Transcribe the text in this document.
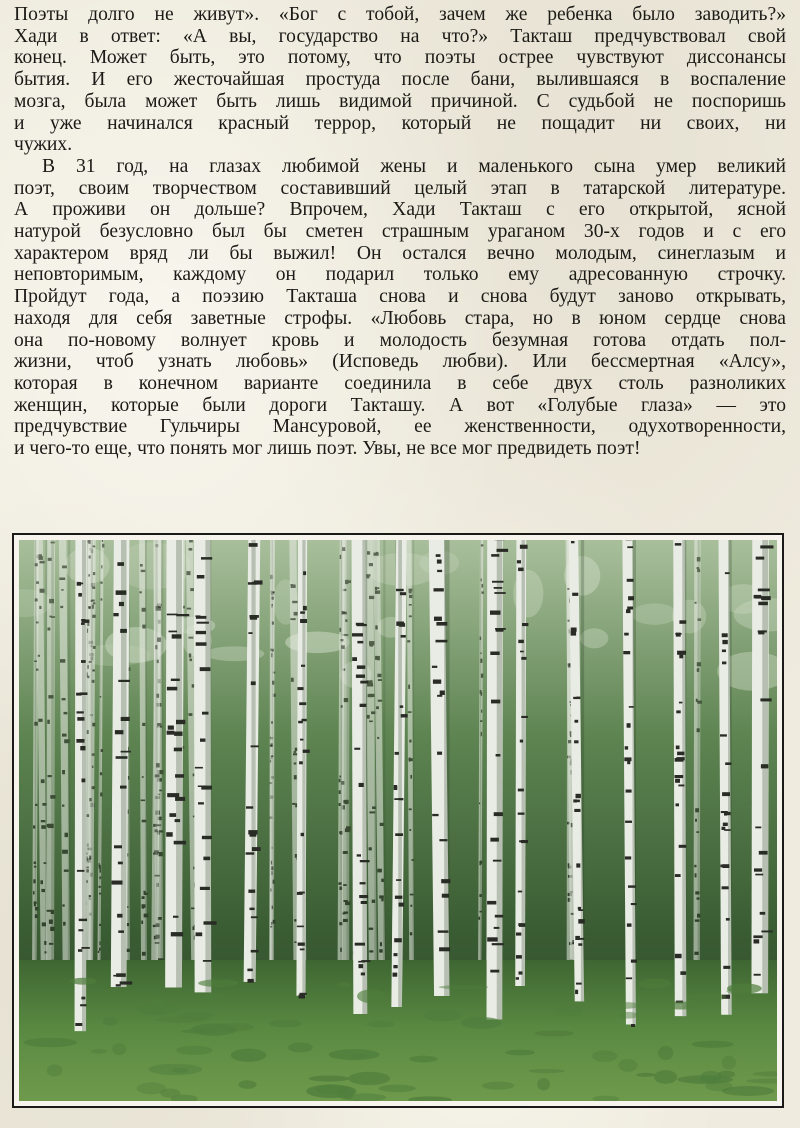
Поэты долго не живут». «Бог с тобой, зачем же ребенка было заводить?»
Хади в ответ: «А вы, государство на что?» Такташ предчувствовал свой
конец. Может быть, это потому, что поэты острее чувствуют диссонансы
бытия. И его жесточайшая простуда после бани, вылившаяся в воспаление
мозга, была может быть лишь видимой причиной. С судьбой не поспоришь
и уже начинался красный террор, который не пощадит ни своих, ни
чужих.
В 31 год, на глазах любимой жены и маленького сына умер великий
поэт, своим творчеством составивший целый этап в татарской литературе.
А проживи он дольше? Впрочем, Хади Такташ с его открытой, ясной
натурой безусловно был бы сметен страшным ураганом 30-х годов и с его
характером вряд ли бы выжил! Он остался вечно молодым, синеглазым и
неповторимым, каждому он подарил только ему адресованную строчку.
Пройдут года, а поэзию Такташа снова и снова будут заново открывать,
находя для себя заветные строфы. «Любовь стара, но в юном сердце снова
она по-новому волнует кровь и молодость безумная готова отдать пол-
жизни, чтоб узнать любовь» (Исповедь любви). Или бессмертная «Алсу»,
которая в конечном варианте соединила в себе двух столь разноликих
женщин, которые были дороги Такташу. А вот «Голубые глаза» — это
предчувствие Гульчиры Мансуровой, ее женственности, одухотворенности,
и чего-то еще, что понять мог лишь поэт. Увы, не все мог предвидеть поэт!
